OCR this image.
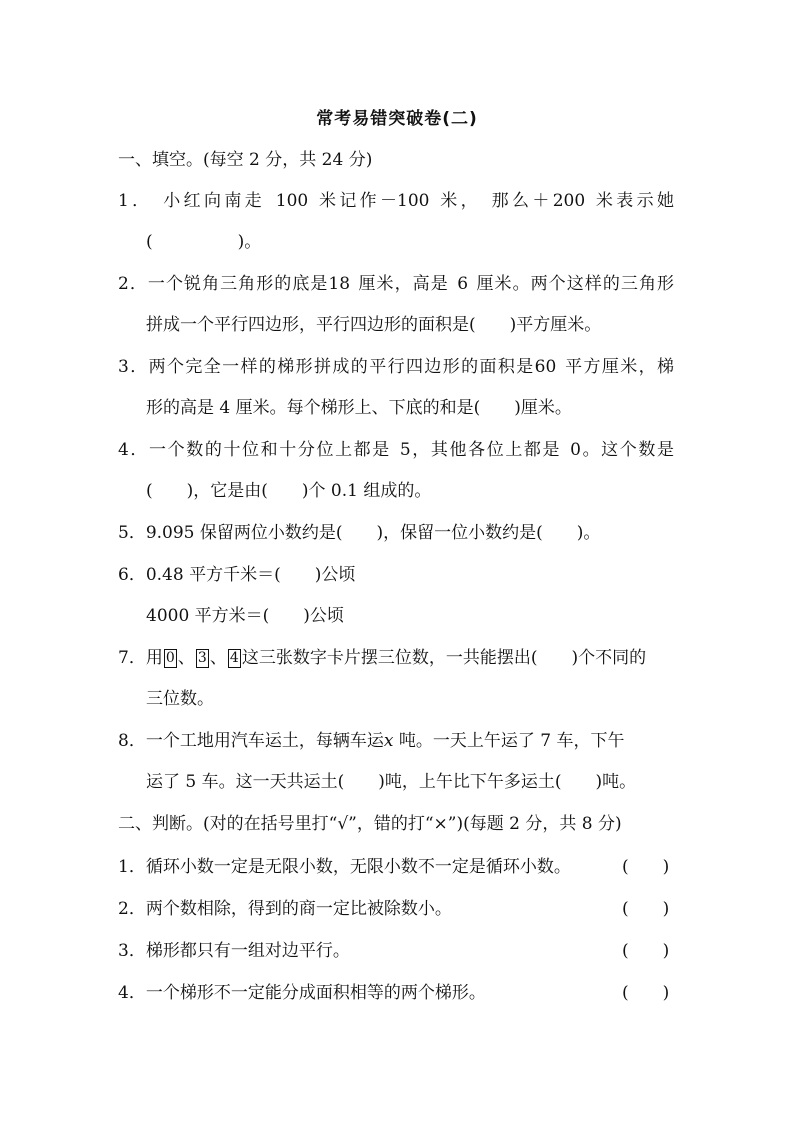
常考易错突破卷(二)
一、填空。(每空 2 分，共 24 分)
1． 小红向南走 100 米记作－100 米， 那么＋200 米表示她
(　　　　　)。
2．一个锐角三角形的底是18 厘米，高是 6 厘米。两个这样的三角形
拼成一个平行四边形，平行四边形的面积是(　　)平方厘米。
3．两个完全一样的梯形拼成的平行四边形的面积是60 平方厘米，梯
形的高是 4 厘米。每个梯形上、下底的和是(　　)厘米。
4．一个数的十位和十分位上都是 5，其他各位上都是 0。这个数是
(　　)，它是由(　　)个 0.1 组成的。
5．9.095 保留两位小数约是(　　)，保留一位小数约是(　　)。
6．0.48 平方千米＝(　　)公顷
4000 平方米＝(　　)公顷
7．用 0 、 3 、 4 这三张数字卡片摆三位数，一共能摆出(　　)个不同的
三位数。
8．一个工地用汽车运土，每辆车运x 吨。一天上午运了 7 车，下午
运了 5 车。这一天共运土(　　)吨，上午比下午多运土(　　)吨。
二、判断。(对的在括号里打“√”，错的打“×”)(每题 2 分，共 8 分)
1．循环小数一定是无限小数，无限小数不一定是循环小数。	(　　)
2．两个数相除，得到的商一定比被除数小。	(　　)
3．梯形都只有一组对边平行。	(　　)
4．一个梯形不一定能分成面积相等的两个梯形。	(　　)
